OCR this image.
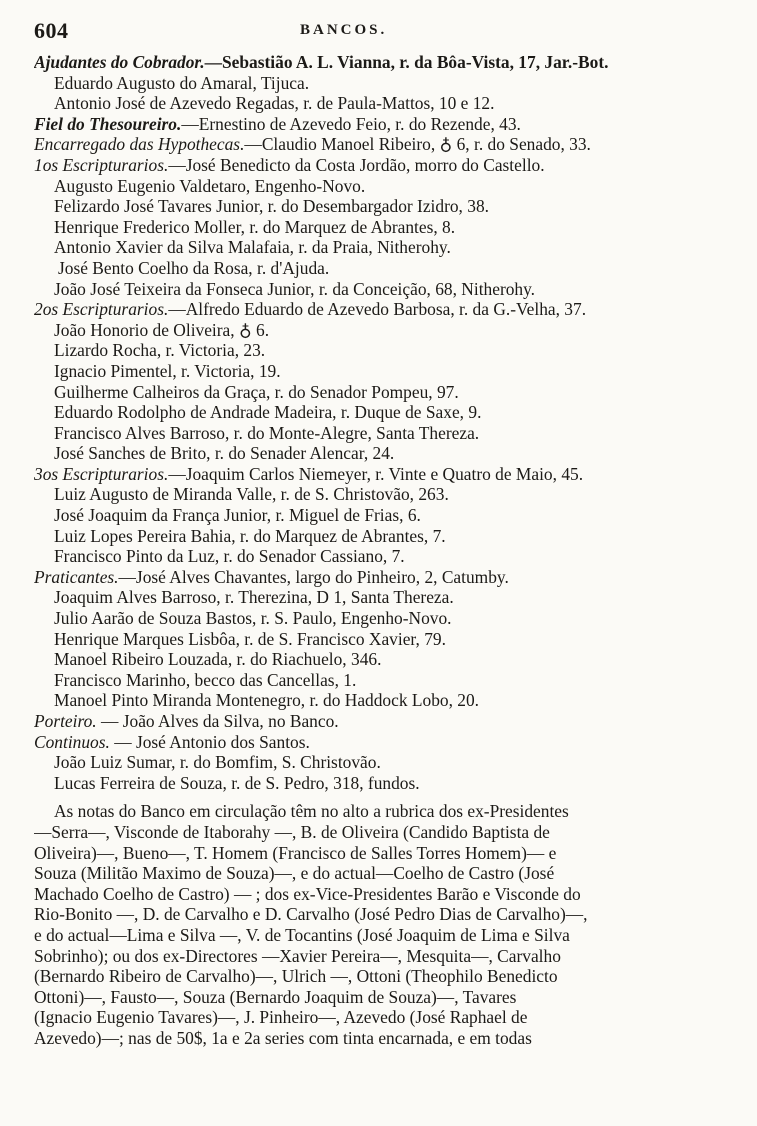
604	BANCOS.
Ajudantes do Cobrador.—Sebastião A. L. Vianna, r. da Bôa-Vista, 17, Jar.-Bot.
Eduardo Augusto do Amaral, Tijuca.
Antonio José de Azevedo Regadas, r. de Paula-Mattos, 10 e 12.
Fiel do Thesoureiro.—Ernestino de Azevedo Feio, r. do Rezende, 43.
Encarregado das Hypothecas.—Claudio Manoel Ribeiro, ♁ 6, r. do Senado, 33.
1os Escripturarios.—José Benedicto da Costa Jordão, morro do Castello.
Augusto Eugenio Valdetaro, Engenho-Novo.
Felizardo José Tavares Junior, r. do Desembargador Izidro, 38.
Henrique Frederico Moller, r. do Marquez de Abrantes, 8.
Antonio Xavier da Silva Malafaia, r. da Praia, Nitherohy.
José Bento Coelho da Rosa, r. d'Ajuda.
João José Teixeira da Fonseca Junior, r. da Conceição, 68, Nitherohy.
2os Escripturarios.—Alfredo Eduardo de Azevedo Barbosa, r. da G.-Velha, 37.
João Honorio de Oliveira, ♁ 6.
Lizardo Rocha, r. Victoria, 23.
Ignacio Pimentel, r. Victoria, 19.
Guilherme Calheiros da Graça, r. do Senador Pompeu, 97.
Eduardo Rodolpho de Andrade Madeira, r. Duque de Saxe, 9.
Francisco Alves Barroso, r. do Monte-Alegre, Santa Thereza.
José Sanches de Brito, r. do Senader Alencar, 24.
3os Escripturarios.—Joaquim Carlos Niemeyer, r. Vinte e Quatro de Maio, 45.
Luiz Augusto de Miranda Valle, r. de S. Christovão, 263.
José Joaquim da França Junior, r. Miguel de Frias, 6.
Luiz Lopes Pereira Bahia, r. do Marquez de Abrantes, 7.
Francisco Pinto da Luz, r. do Senador Cassiano, 7.
Praticantes.—José Alves Chavantes, largo do Pinheiro, 2, Catumby.
Joaquim Alves Barroso, r. Therezina, D 1, Santa Thereza.
Julio Aarão de Souza Bastos, r. S. Paulo, Engenho-Novo.
Henrique Marques Lisbôa, r. de S. Francisco Xavier, 79.
Manoel Ribeiro Louzada, r. do Riachuelo, 346.
Francisco Marinho, becco das Cancellas, 1.
Manoel Pinto Miranda Montenegro, r. do Haddock Lobo, 20.
Porteiro. — João Alves da Silva, no Banco.
Continuos. — José Antonio dos Santos.
João Luiz Sumar, r. do Bomfim, S. Christovão.
Lucas Ferreira de Souza, r. de S. Pedro, 318, fundos.
As notas do Banco em circulação têm no alto a rubrica dos ex-Presidentes
—Serra—, Visconde de Itaborahy —, B. de Oliveira (Candido Baptista de
Oliveira)—, Bueno—, T. Homem (Francisco de Salles Torres Homem)— e
Souza (Militão Maximo de Souza)—, e do actual—Coelho de Castro (José
Machado Coelho de Castro) — ; dos ex-Vice-Presidentes Barão e Visconde do
Rio-Bonito —, D. de Carvalho e D. Carvalho (José Pedro Dias de Carvalho)—,
e do actual—Lima e Silva —, V. de Tocantins (José Joaquim de Lima e Silva
Sobrinho); ou dos ex-Directores —Xavier Pereira—, Mesquita—, Carvalho
(Bernardo Ribeiro de Carvalho)—, Ulrich —, Ottoni (Theophilo Benedicto
Ottoni)—, Fausto—, Souza (Bernardo Joaquim de Souza)—, Tavares
(Ignacio Eugenio Tavares)—, J. Pinheiro—, Azevedo (José Raphael de
Azevedo)—; nas de 50$, 1a e 2a series com tinta encarnada, e em todas
